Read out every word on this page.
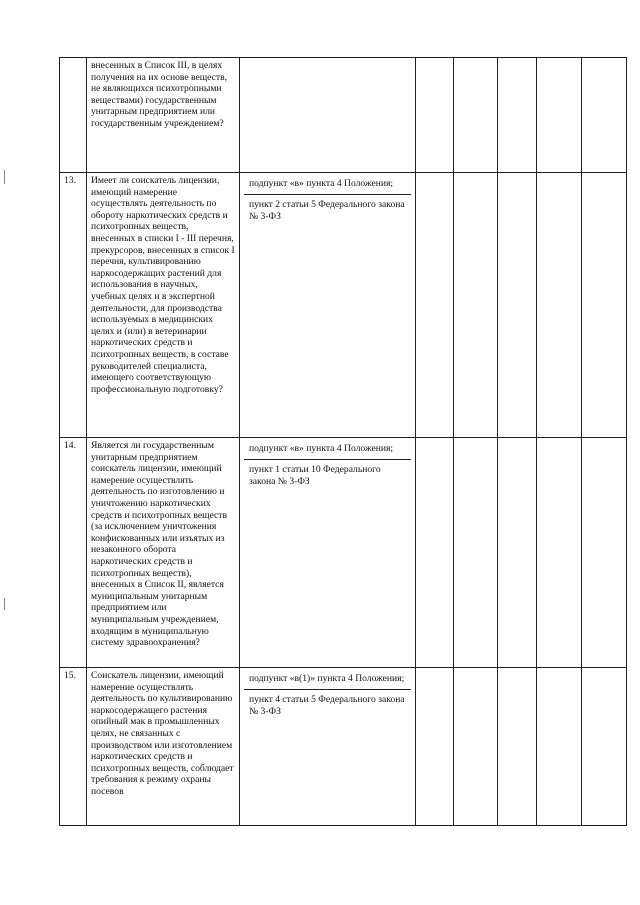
	внесенных в Список III, в целях получения на их основе веществ, не являющихся психотропными веществами) государственным унитарным предприятием или государственным учреждением?						
13.	Имеет ли соискатель лицензии, имеющий намерение осуществлять деятельность по обороту наркотических средств и психотропных веществ, внесенных в списки I - III перечня, прекурсоров, внесенных в список I перечня, культивированию наркосодержащих растений для использования в научных, учебных целях и в экспертной деятельности, для производства используемых в медицинских целях и (или) в ветеринарии наркотических средств и психотропных веществ, в составе руководителей специалиста, имеющего соответствующую профессиональную подготовку?	подпункт «в» пункта 4 Положения;
пункт 2 статьи 5 Федерального закона № 3-ФЗ					

14.	Является ли государственным унитарным предприятием соискатель лицензии, имеющий намерение осуществлять деятельность по изготовлению и уничтожению наркотических средств и психотропных веществ (за исключением уничтожения конфискованных или изъятых из незаконного оборота наркотических средств и психотропных веществ), внесенных в Список II, является муниципальным унитарным предприятием или муниципальным учреждением, входящим в муниципальную систему здравоохранения?	подпункт «в» пункта 4 Положения;
пункт 1 статьи 10 Федерального закона № 3-ФЗ					

15.	Соискатель лицензии, имеющий намерение осуществлять деятельность по культивированию наркосодержащего растения опийный мак в промышленных целях, не связанных с производством или изготовлением наркотических средств и психотропных веществ, соблюдает требования к режиму охраны посевов	подпункт «в(1)» пункта 4 Положения;
пункт 4 статьи 5 Федерального закона № 3-ФЗ					
